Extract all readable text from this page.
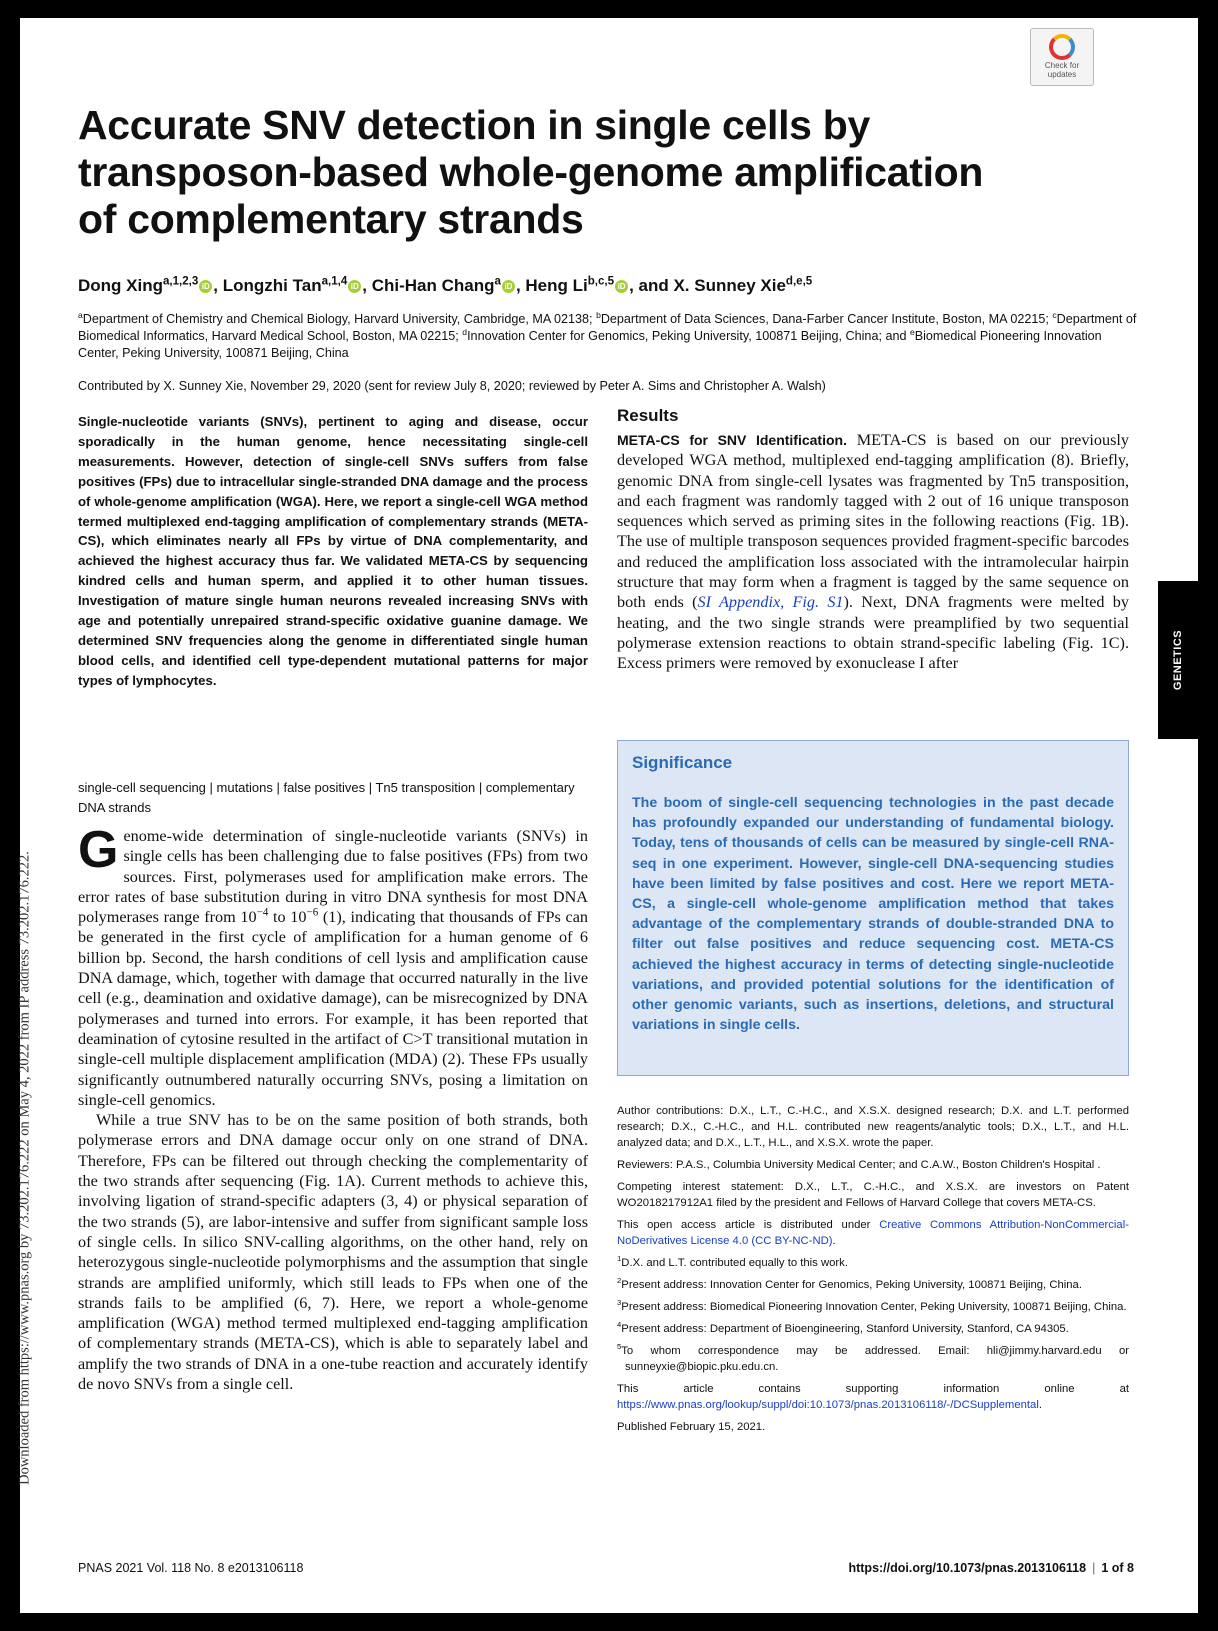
Check for
updates
Accurate SNV detection in single cells by transposon-based whole-genome amplification of complementary strands
Dong Xing$^{a,1,2,3}$ iD , Longzhi Tan$^{a,1,4}$ iD , Chi-Han Chang$^a$ iD , Heng Li$^{b,c,5}$ iD , and X. Sunney Xie$^{d,e,5}$
$^a$Department of Chemistry and Chemical Biology, Harvard University, Cambridge, MA 02138; $^b$Department of Data Sciences, Dana-Farber Cancer Institute, Boston, MA 02215; $^c$Department of Biomedical Informatics, Harvard Medical School, Boston, MA 02215; $^d$Innovation Center for Genomics, Peking University, 100871 Beijing, China; and $^e$Biomedical Pioneering Innovation Center, Peking University, 100871 Beijing, China
Contributed by X. Sunney Xie, November 29, 2020 (sent for review July 8, 2020; reviewed by Peter A. Sims and Christopher A. Walsh)
Single-nucleotide variants (SNVs), pertinent to aging and disease, occur sporadically in the human genome, hence necessitating single-cell measurements. However, detection of single-cell SNVs suffers from false positives (FPs) due to intracellular single-stranded DNA damage and the process of whole-genome amplification (WGA). Here, we report a single-cell WGA method termed multiplexed end-tagging amplification of complementary strands (META-CS), which eliminates nearly all FPs by virtue of DNA complementarity, and achieved the highest accuracy thus far. We validated META-CS by sequencing kindred cells and human sperm, and applied it to other human tissues. Investigation of mature single human neurons revealed increasing SNVs with age and potentially unrepaired strand-specific oxidative guanine damage. We determined SNV frequencies along the genome in differentiated single human blood cells, and identified cell type-dependent mutational patterns for major types of lymphocytes.
single-cell sequencing | mutations | false positives | Tn5 transposition | complementary DNA strands

Genome-wide determination of single-nucleotide variants (SNVs) in single cells has been challenging due to false positives (FPs) from two sources. First, polymerases used for amplification make errors. The error rates of base substitution during in vitro DNA synthesis for most DNA polymerases range from $10^{-4}$ to $10^{-6}$ (1), indicating that thousands of FPs can be generated in the first cycle of amplification for a human genome of 6 billion bp. Second, the harsh conditions of cell lysis and amplification cause DNA damage, which, together with damage that occurred naturally in the live cell (e.g., deamination and oxidative damage), can be misrecognized by DNA polymerases and turned into errors. For example, it has been reported that deamination of cytosine resulted in the artifact of C>T transitional mutation in single-cell multiple displacement amplification (MDA) (2). These FPs usually significantly outnumbered naturally occurring SNVs, posing a limitation on single-cell genomics.

While a true SNV has to be on the same position of both strands, both polymerase errors and DNA damage occur only on one strand of DNA. Therefore, FPs can be filtered out through checking the complementarity of the two strands after sequencing (Fig. 1A). Current methods to achieve this, involving ligation of strand-specific adapters (3, 4) or physical separation of the two strands (5), are labor-intensive and suffer from significant sample loss of single cells. In silico SNV-calling algorithms, on the other hand, rely on heterozygous single-nucleotide polymorphisms and the assumption that single strands are amplified uniformly, which still leads to FPs when one of the strands fails to be amplified (6, 7). Here, we report a whole-genome amplification (WGA) method termed multiplexed end-tagging amplification of complementary strands (META-CS), which is able to separately label and amplify the two strands of DNA in a one-tube reaction and accurately identify de novo SNVs from a single cell.

Results
META-CS for SNV Identification. META-CS is based on our previously developed WGA method, multiplexed end-tagging amplification (8). Briefly, genomic DNA from single-cell lysates was fragmented by Tn5 transposition, and each fragment was randomly tagged with 2 out of 16 unique transposon sequences which served as priming sites in the following reactions (Fig. 1B). The use of multiple transposon sequences provided fragment-specific barcodes and reduced the amplification loss associated with the intramolecular hairpin structure that may form when a fragment is tagged by the same sequence on both ends (SI Appendix, Fig. S1). Next, DNA fragments were melted by heating, and the two single strands were preamplified by two sequential polymerase extension reactions to obtain strand-specific labeling (Fig. 1C). Excess primers were removed by exonuclease I after	GENETICS
Significance
The boom of single-cell sequencing technologies in the past decade has profoundly expanded our understanding of fundamental biology. Today, tens of thousands of cells can be measured by single-cell RNA-seq in one experiment. However, single-cell DNA-sequencing studies have been limited by false positives and cost. Here we report META-CS, a single-cell whole-genome amplification method that takes advantage of the complementary strands of double-stranded DNA to filter out false positives and reduce sequencing cost. META-CS achieved the highest accuracy in terms of detecting single-nucleotide variations, and provided potential solutions for the identification of other genomic variants, such as insertions, deletions, and structural variations in single cells.

Author contributions: D.X., L.T., C.-H.C., and X.S.X. designed research; D.X. and L.T. performed research; D.X., C.-H.C., and H.L. contributed new reagents/analytic tools; D.X., L.T., and H.L. analyzed data; and D.X., L.T., H.L., and X.S.X. wrote the paper.

Reviewers: P.A.S., Columbia University Medical Center; and C.A.W., Boston Children's Hospital .

Competing interest statement: D.X., L.T., C.-H.C., and X.S.X. are investors on Patent WO2018217912A1 filed by the president and Fellows of Harvard College that covers META-CS.

This open access article is distributed under Creative Commons Attribution-NonCommercial-NoDerivatives License 4.0 (CC BY-NC-ND).

$^1$D.X. and L.T. contributed equally to this work.

$^2$Present address: Innovation Center for Genomics, Peking University, 100871 Beijing, China.

$^3$Present address: Biomedical Pioneering Innovation Center, Peking University, 100871 Beijing, China.

$^4$Present address: Department of Bioengineering, Stanford University, Stanford, CA 94305.

$^5$To whom correspondence may be addressed. Email: hli@jimmy.harvard.edu or sunneyxie@biopic.pku.edu.cn.

This article contains supporting information online at https://www.pnas.org/lookup/suppl/doi:10.1073/pnas.2013106118/-/DCSupplemental.

Published February 15, 2021.

Downloaded from https://www.pnas.org by 73.202.176.222 on May 4, 2022 from IP address 73.202.176.222.
PNAS 2021 Vol. 118 No. 8 e2013106118	https://doi.org/10.1073/pnas.2013106118 | 1 of 8
